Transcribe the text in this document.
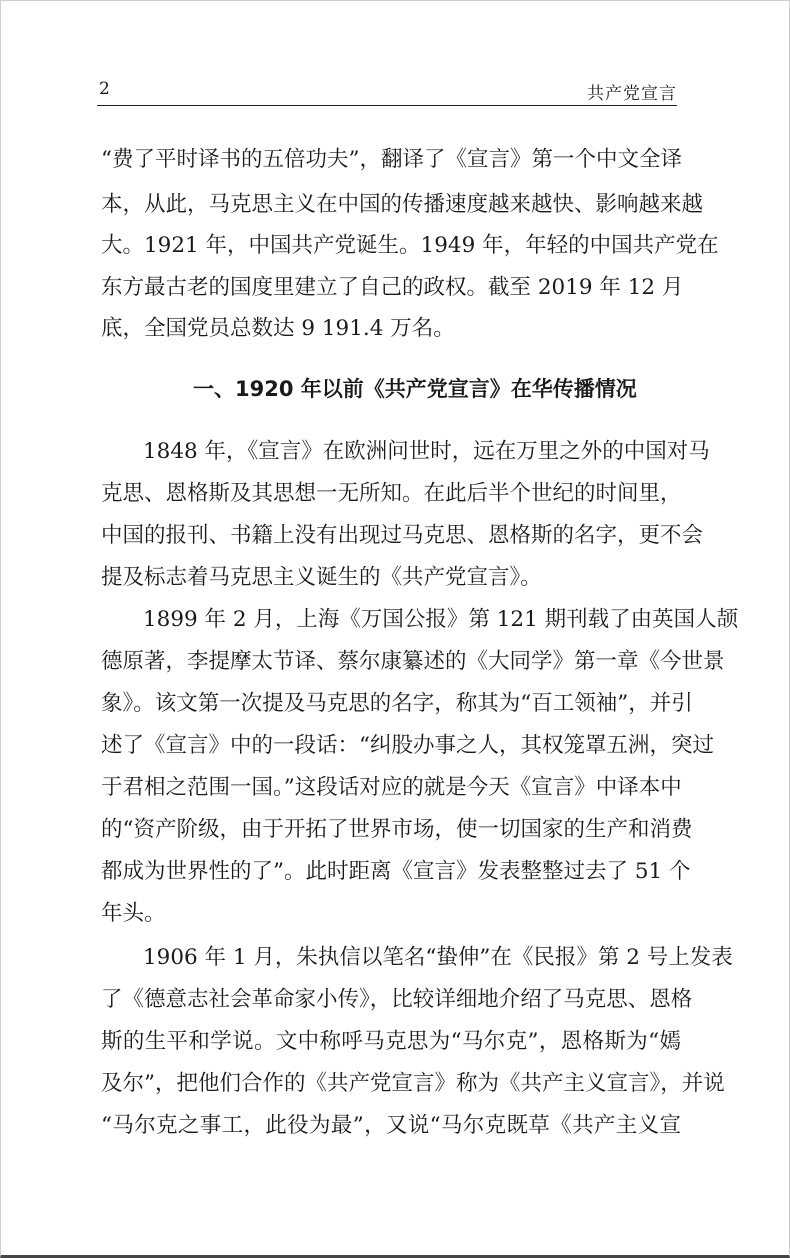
2	共产党宣言
“费了平时译书的五倍功夫”，翻译了《宣言》第一个中文全译
本，从此，马克思主义在中国的传播速度越来越快、影响越来越
大。1921 年，中国共产党诞生。1949 年，年轻的中国共产党在
东方最古老的国度里建立了自己的政权。截至 2019 年 12 月
底，全国党员总数达 9 191.4 万名。
1848 年，《宣言》在欧洲问世时，远在万里之外的中国对马
克思、恩格斯及其思想一无所知。在此后半个世纪的时间里，
中国的报刊、书籍上没有出现过马克思、恩格斯的名字，更不会
提及标志着马克思主义诞生的《共产党宣言》。
1899 年 2 月，上海《万国公报》第 121 期刊载了由英国人颉
德原著，李提摩太节译、蔡尔康纂述的《大同学》第一章《今世景
象》。该文第一次提及马克思的名字，称其为“百工领袖”，并引
述了《宣言》中的一段话：“纠股办事之人，其权笼罩五洲，突过
于君相之范围一国。”这段话对应的就是今天《宣言》中译本中
的“资产阶级，由于开拓了世界市场，使一切国家的生产和消费
都成为世界性的了”。此时距离《宣言》发表整整过去了 51 个
年头。
1906 年 1 月，朱执信以笔名“蛰伸”在《民报》第 2 号上发表
了《德意志社会革命家小传》，比较详细地介绍了马克思、恩格
斯的生平和学说。文中称呼马克思为“马尔克”，恩格斯为“嫣
及尔”，把他们合作的《共产党宣言》称为《共产主义宣言》，并说
“马尔克之事工，此役为最”，又说“马尔克既草《共产主义宣
一、1920 年以前《共产党宣言》在华传播情况
